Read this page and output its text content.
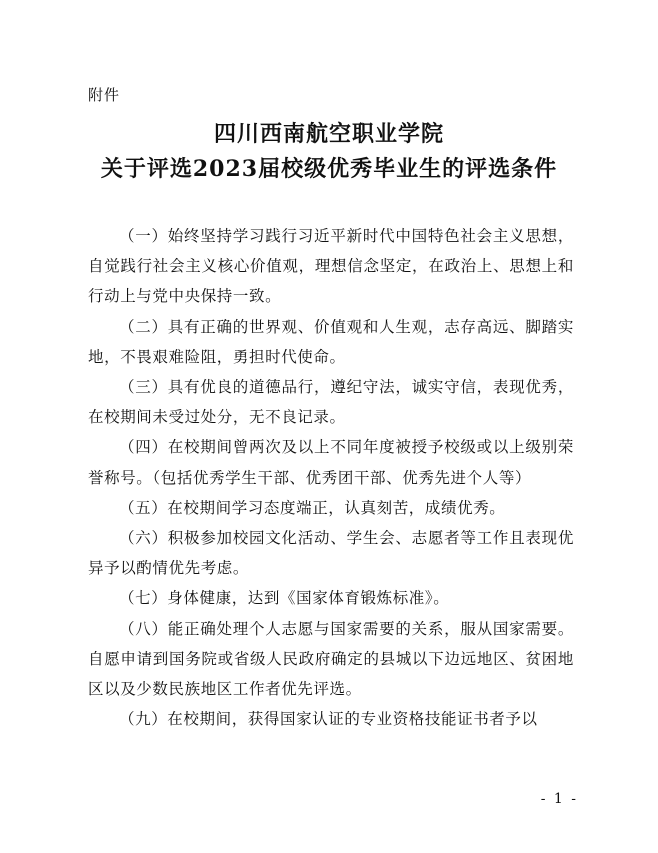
附件
四川西南航空职业学院
关于评选2023届校级优秀毕业生的评选条件

（一）始终坚持学习践行习近平新时代中国特色社会主义思想，自觉践行社会主义核心价值观，理想信念坚定，在政治上、思想上和行动上与党中央保持一致。

（二）具有正确的世界观、价值观和人生观，志存高远、脚踏实地，不畏艰难险阻，勇担时代使命。

（三）具有优良的道德品行，遵纪守法，诚实守信，表现优秀，在校期间未受过处分，无不良记录。

（四）在校期间曾两次及以上不同年度被授予校级或以上级别荣誉称号。（包括优秀学生干部、优秀团干部、优秀先进个人等）

（五）在校期间学习态度端正，认真刻苦，成绩优秀。

（六）积极参加校园文化活动、学生会、志愿者等工作且表现优异予以酌情优先考虑。

（七）身体健康，达到《国家体育锻炼标准》。

（八）能正确处理个人志愿与国家需要的关系，服从国家需要。自愿申请到国务院或省级人民政府确定的县城以下边远地区、贫困地区以及少数民族地区工作者优先评选。

（九）在校期间，获得国家认证的专业资格技能证书者予以

- 1 -
